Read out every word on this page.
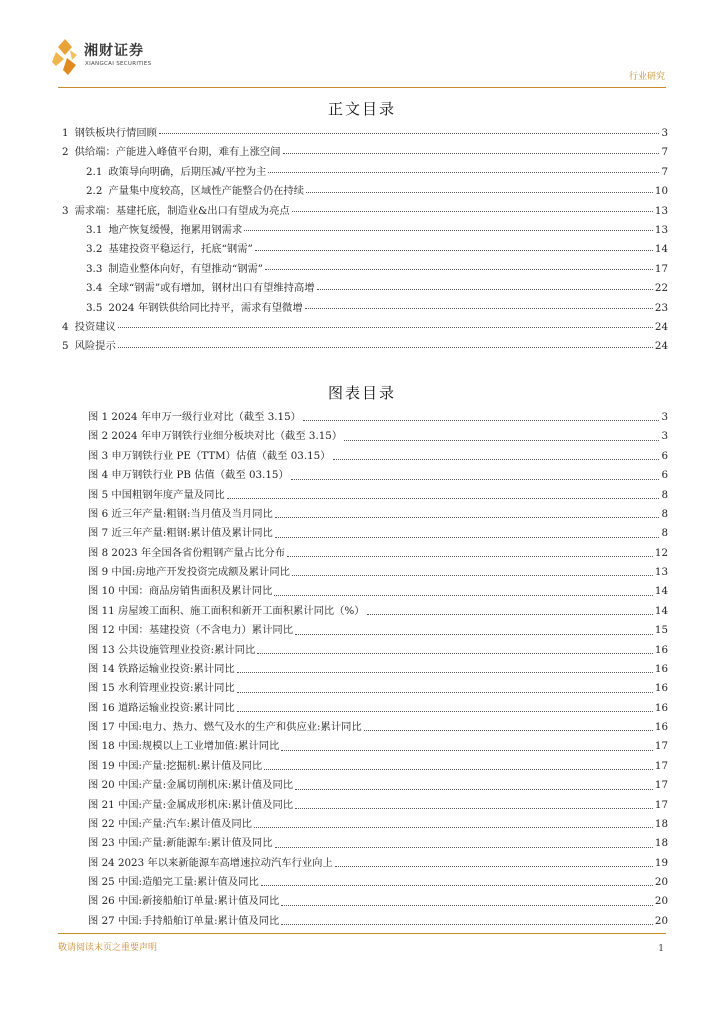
湘财证券
XIANGCAI SECURITIES
行业研究
正文目录
1 钢铁板块行情回顾	3
2 供给端：产能进入峰值平台期，难有上涨空间	7
2.1 政策导向明确，后期压减/平控为主	7
2.2 产量集中度较高，区域性产能整合仍在持续	10
3 需求端：基建托底，制造业&出口有望成为亮点	13
3.1 地产恢复缓慢，拖累用钢需求	13
3.2 基建投资平稳运行，托底“钢需”	14
3.3 制造业整体向好，有望推动“钢需”	17
3.4 全球“钢需”或有增加，钢材出口有望维持高增	22
3.5 2024 年钢铁供给同比持平，需求有望微增	23
4 投资建议	24
5 风险提示	24
图表目录
图 1 2024 年申万一级行业对比（截至 3.15）	3
图 2 2024 年申万钢铁行业细分板块对比（截至 3.15）	3
图 3 申万钢铁行业 PE（TTM）估值（截至 03.15）	6
图 4 申万钢铁行业 PB 估值（截至 03.15）	6
图 5 中国粗钢年度产量及同比	8
图 6 近三年产量:粗钢:当月值及当月同比	8
图 7 近三年产量:粗钢:累计值及累计同比	8
图 8 2023 年全国各省份粗钢产量占比分布	12
图 9 中国:房地产开发投资完成额及累计同比	13
图 10 中国：商品房销售面积及累计同比	14
图 11 房屋竣工面积、施工面积和新开工面积累计同比（%）	14
图 12 中国：基建投资（不含电力）累计同比	15
图 13 公共设施管理业投资:累计同比	16
图 14 铁路运输业投资:累计同比	16
图 15 水利管理业投资:累计同比	16
图 16 道路运输业投资:累计同比	16
图 17 中国:电力、热力、燃气及水的生产和供应业:累计同比	16
图 18 中国:规模以上工业增加值:累计同比	17
图 19 中国:产量:挖掘机:累计值及同比	17
图 20 中国:产量:金属切削机床:累计值及同比	17
图 21 中国:产量:金属成形机床:累计值及同比	17
图 22 中国:产量:汽车:累计值及同比	18
图 23 中国:产量:新能源车:累计值及同比	18
图 24 2023 年以来新能源车高增速拉动汽车行业向上	19
图 25 中国:造船完工量:累计值及同比	20
图 26 中国:新接船舶订单量:累计值及同比	20
图 27 中国:手持船舶订单量:累计值及同比	20
敬请阅读末页之重要声明	1
